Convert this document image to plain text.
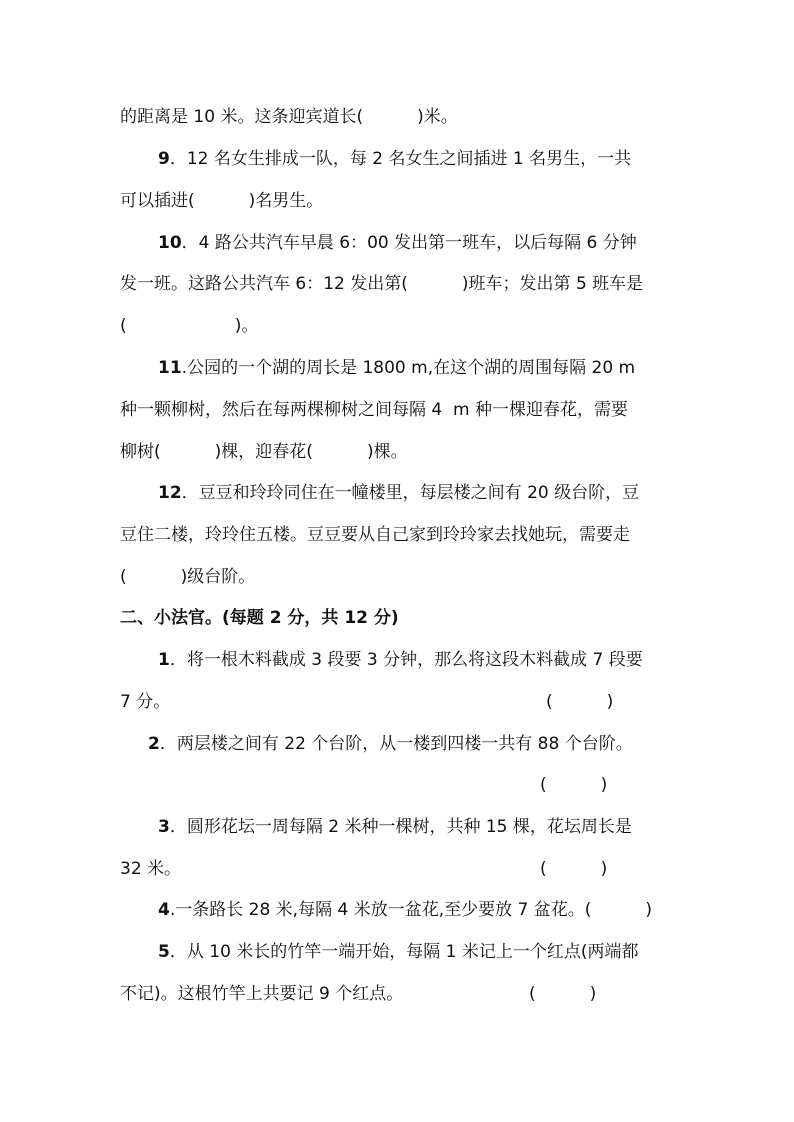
的距离是 10 米。这条迎宾道长(          )米。
9．12 名女生排成一队，每 2 名女生之间插进 1 名男生，一共
可以插进(          )名男生。
10．4 路公共汽车早晨 6：00 发出第一班车，以后每隔 6 分钟
发一班。这路公共汽车 6：12 发出第(          )班车；发出第 5 班车是
(                    )。
11.公园的一个湖的周长是 1800 m,在这个湖的周围每隔 20 m
种一颗柳树，然后在每两棵柳树之间每隔 4  m 种一棵迎春花，需要
柳树(          )棵，迎春花(          )棵。
12．豆豆和玲玲同住在一幢楼里，每层楼之间有 20 级台阶，豆
豆住二楼，玲玲住五楼。豆豆要从自己家到玲玲家去找她玩，需要走
(          )级台阶。
二、小法官。(每题 2 分，共 12 分)
1．将一根木料截成 3 段要 3 分钟，那么将这段木料截成 7 段要
7 分。	(          )
2．两层楼之间有 22 个台阶，从一楼到四楼一共有 88 个台阶。
(          )
3．圆形花坛一周每隔 2 米种一棵树，共种 15 棵，花坛周长是
32 米。	(          )
4.一条路长 28 米,每隔 4 米放一盆花,至少要放 7 盆花。(          )
5．从 10 米长的竹竿一端开始，每隔 1 米记上一个红点(两端都
不记)。这根竹竿上共要记 9 个红点。	(          )
